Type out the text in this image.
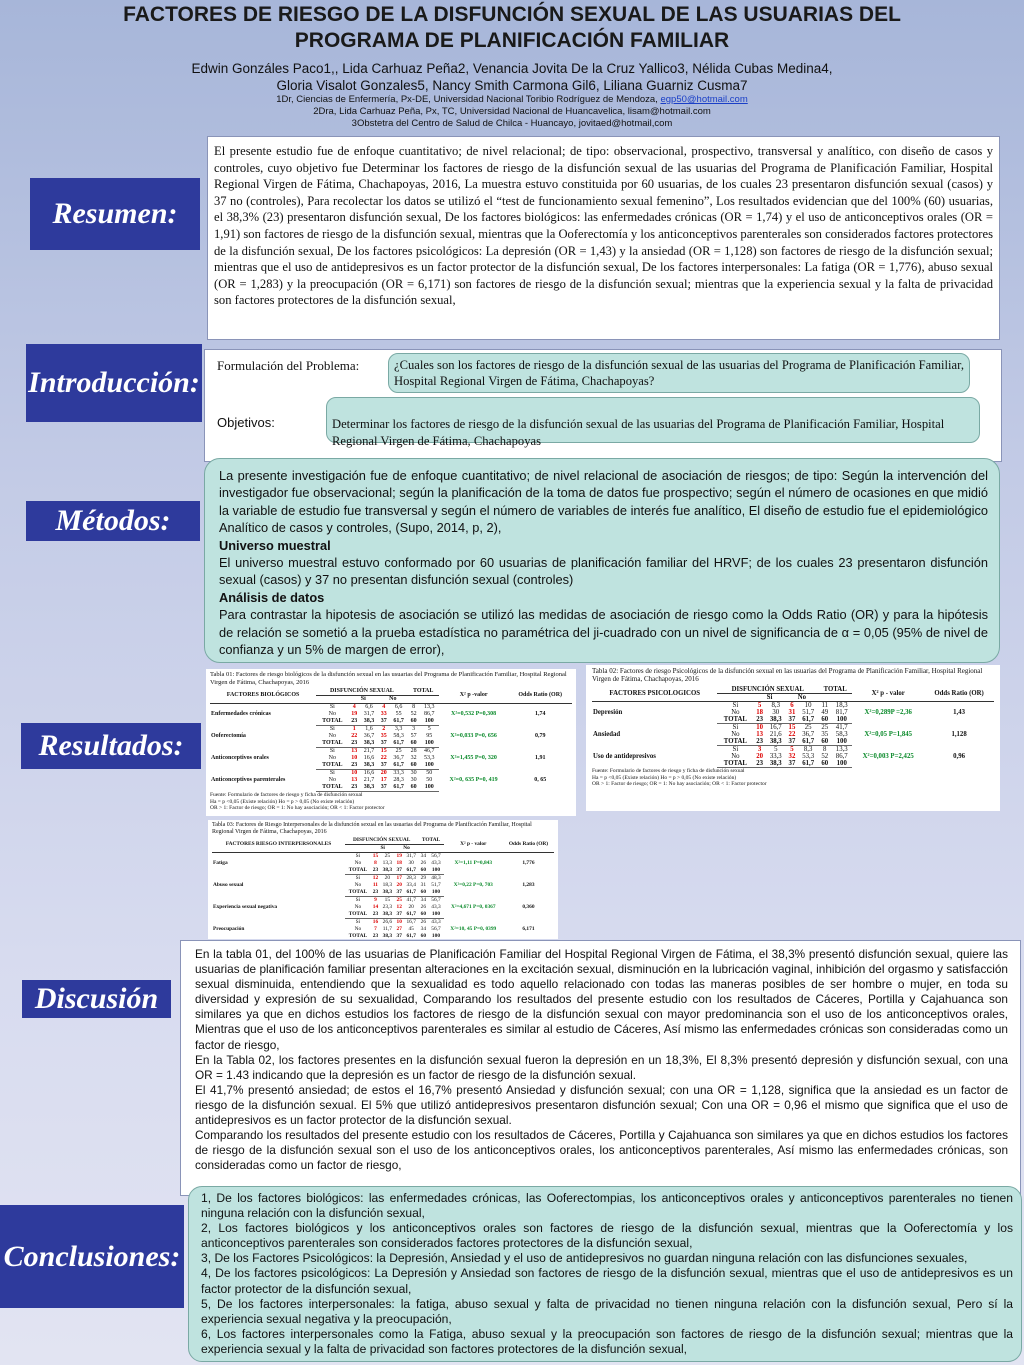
FACTORES DE RIESGO DE LA DISFUNCIÓN SEXUAL DE LAS USUARIAS DEL
PROGRAMA DE PLANIFICACIÓN FAMILIAR
Edwin Gonzáles Paco1,, Lida Carhuaz Peña2, Venancia Jovita De la Cruz Yallico3, Nélida Cubas Medina4,
Gloria Visalot Gonzales5, Nancy Smith Carmona Gil6, Liliana Guarniz Cusma7
1Dr, Ciencias de Enfermería, Px-DE, Universidad Nacional Toribio Rodríguez de Mendoza, egp50@hotmail.com
2Dra, Lida Carhuaz Peña, Px, TC, Universidad Nacional de Huancavelica, lisam@hotmail.com
3Obstetra del Centro de Salud de Chilca - Huancayo, jovitaed@hotmail,com
Resumen:

El presente estudio fue de enfoque cuantitativo; de nivel relacional; de tipo: observacional, prospectivo, transversal y analítico, con diseño de casos y controles, cuyo objetivo fue Determinar los factores de riesgo de la disfunción sexual de las usuarias del Programa de Planificación Familiar, Hospital Regional Virgen de Fátima, Chachapoyas, 2016, La muestra estuvo constituida por 60 usuarias, de los cuales 23 presentaron disfunción sexual (casos) y 37 no (controles), Para recolectar los datos se utilizó el “test de funcionamiento sexual femenino”, Los resultados evidencian que del 100% (60) usuarias, el 38,3% (23) presentaron disfunción sexual, De los factores biológicos: las enfermedades crónicas (OR = 1,74) y el uso de anticonceptivos orales (OR = 1,91) son factores de riesgo de la disfunción sexual, mientras que la Ooferectomía y los anticonceptivos parenterales son considerados factores protectores de la disfunción sexual, De los factores psicológicos: La depresión (OR = 1,43) y la ansiedad (OR = 1,128) son factores de riesgo de la disfunción sexual; mientras que el uso de antidepresivos es un factor protector de la disfunción sexual, De los factores interpersonales: La fatiga (OR = 1,776), abuso sexual (OR = 1,283) y la preocupación (OR = 6,171) son factores de riesgo de la disfunción sexual; mientras que la experiencia sexual y la falta de privacidad son factores protectores de la disfunción sexual,

Introducción:
Formulación del Problema:	¿Cuales son los factores de riesgo de la disfunción sexual de las usuarias del Programa de Planificación Familiar, Hospital Regional Virgen de Fátima, Chachapoyas?

Objetivos:	Determinar los factores de riesgo de la disfunción sexual de las usuarias del Programa de Planificación Familiar, Hospital Regional Virgen de Fátima, Chachapoyas

Métodos:

La presente investigación fue de enfoque cuantitativo; de nivel relacional de asociación de riesgos; de tipo: Según la intervención del investigador fue observacional; según la planificación de la toma de datos fue prospectivo; según el número de ocasiones en que midió la variable de estudio fue transversal y según el número de variables de interés fue analítico, El diseño de estudio fue el epidemiológico Analítico de casos y controles, (Supo, 2014, p, 2),

Universo muestral

El universo muestral estuvo conformado por 60 usuarias de planificación familiar del HRVF; de los cuales 23 presentaron disfunción sexual (casos) y 37 no presentan disfunción sexual (controles)

Análisis de datos

Para contrastar la hipotesis de asociación se utilizó las medidas de asociación de riesgo como la Odds Ratio (OR) y para la hipótesis de relación se sometió a la prueba estadística no paramétrica del ji-cuadrado con un nivel de significancia de α = 0,05 (95% de nivel de confianza y un 5% de margen de error),

Resultados:
Tabla 01: Factores de riesgo biológicos de la disfunción sexual en las usuarias del Programa de Planificación Familiar, Hospital Regional Virgen de Fátima, Chachapoyas, 2016
FACTORES BIOLÓGICOS	DISFUNCIÓN SEXUAL					TOTAL		X² p -valor	Odds Ratio (OR)
		Si		No					
Enfermedades crónicas	Si	4	6,6	4	6,6	8	13,3	X²=0,532 P=0,308	1,74
	No	19	31,7	33	55	52	86,7		
	TOTAL	23	38,3	37	61,7	60	100		
Ooferectomía	Si	1	1,6	2	3,3	3	5	X²=0,033 P=0, 656	0,79
	No	22	36,7	35	58,3	57	95		
	TOTAL	23	38,3	37	61,7	60	100		
Anticonceptivos orales	Si	13	21,7	15	25	28	46,7	X²=1,455 P=0, 320	1,91
	No	10	16,6	22	36,7	32	53,3		
	TOTAL	23	38,3	37	61,7	60	100		
Anticonceptivos parenterales	Si	10	16,6	20	33,3	30	50	X²=0, 635 P=0, 419	0, 65
	No	13	21,7	17	28,3	30	50		
	TOTAL	23	38,3	37	61,7	60	100		
Fuente: Formulario de factores de riesgo y ficha de disfunción sexual
Ha = p <0,05 (Existe relación) Ho = p > 0,05 (No existe relación)
OR > 1: Factor de riesgo; OR = 1: No hay asociación; OR < 1: Factor protector
Tabla 02: Factores de riesgo Psicológicos de la disfunción sexual en las usuarias del Programa de Planificación Familiar, Hospital Regional Virgen de Fátima, Chachapoyas, 2016
FACTORES PSICOLOGICOS	DISFUNCIÓN SEXUAL					TOTAL		X² p - valor	Odds Ratio (OR)
		Si		No					
Depresión	Si	5	8,3	6	10	11	18,3	X²=0,289P =2,36	1,43
	No	18	30	31	51,7	49	81,7		
	TOTAL	23	38,3	37	61,7	60	100		
Ansiedad	Si	10	16,7	15	25	25	41,7	X²=0,05 P=1,845	1,128
	No	13	21,6	22	36,7	35	58,3		
	TOTAL	23	38,3	37	61,7	60	100		
Uso de antidepresivos	Si	3	5	5	8,3	8	13,3	X²=0,003 P=2,425	0,96
	No	20	33,3	32	53,3	52	86,7		
	TOTAL	23	38,3	37	61,7	60	100		
Fuente: Formulario de factores de riesgo y ficha de disfunción sexual
Ha = p <0,05 (Existe relación) Ho = p > 0,05 (No existe relación)
OR > 1: Factor de riesgo; OR = 1: No hay asociación; OR < 1: Factor protector
Tabla 03: Factores de Riesgo Interpersonales de la disfunción sexual en las usuarias del Programa de Planificación Familiar, Hospital Regional Virgen de Fátima, Chachapoyas, 2016
FACTORES RIESGO INTERPERSONALES	DISFUNCIÓN SEXUAL					TOTAL		X² p - valor	Odds Ratio (OR)
		Si		No					
Fatiga	Si	15	25	19	31,7	34	56,7	X²=1,11 P=0,843	1,776
	No	8	13,3	18	30	26	43,3		
	TOTAL	23	38,3	37	61,7	60	100		
Abuso sexual	Si	12	20	17	28,3	29	48,3	X²=0,22 P=0, 703	1,283
	No	11	18,3	20	33,4	31	51,7		
	TOTAL	23	38,3	37	61,7	60	100		
Experiencia sexual negativa	Si	9	15	25	41,7	34	56,7	X²=4,671 P=0, 0367	0,360
	No	14	23,3	12	20	26	43,3		
	TOTAL	23	38,3	37	61,7	60	100		
Preocupación	Si	16	26,6	10	16,7	26	43,3	X²=10, 45 P=0, 0399	6,171
	No	7	11,7	27	45	34	56,7		
	TOTAL	23	38,3	37	61,7	60	100		

Discusión

En la tabla 01, del 100% de las usuarias de Planificación Familiar del Hospital Regional Virgen de Fátima, el 38,3% presentó disfunción sexual, quiere las usuarias de planificación familiar presentan alteraciones en la excitación sexual, disminución en la lubricación vaginal, inhibición del orgasmo y satisfacción sexual disminuida, entendiendo que la sexualidad es todo aquello relacionado con todas las maneras posibles de ser hombre o mujer, en toda su diversidad y expresión de su sexualidad, Comparando los resultados del presente estudio con los resultados de Cáceres, Portilla y Cajahuanca son similares ya que en dichos estudios los factores de riesgo de la disfunción sexual con mayor predominancia son el uso de los anticonceptivos orales, Mientras que el uso de los anticonceptivos parenterales es similar al estudio de Cáceres, Así mismo las enfermedades crónicas son consideradas como un factor de riesgo,

En la Tabla 02, los factores presentes en la disfunción sexual fueron la depresión en un 18,3%, El 8,3% presentó depresión y disfunción sexual, con una OR = 1.43 indicando que la depresión es un factor de riesgo de la disfunción sexual.

El 41,7% presentó ansiedad; de estos el 16,7% presentó Ansiedad y disfunción sexual; con una OR = 1,128, significa que la ansiedad es un factor de riesgo de la disfunción sexual. El 5% que utilizó antidepresivos presentaron disfunción sexual; Con una OR = 0,96 el mismo que significa que el uso de antidepresivos es un factor protector de la disfunción sexual.

Comparando los resultados del presente estudio con los resultados de Cáceres, Portilla y Cajahuanca son similares ya que en dichos estudios los factores de riesgo de la disfunción sexual son el uso de los anticonceptivos orales, los anticonceptivos parenterales, Así mismo las enfermedades crónicas, son consideradas como un factor de riesgo,

Conclusiones:
1, De los factores biológicos: las enfermedades crónicas, las Ooferectompias, los anticonceptivos orales y anticonceptivos parenterales no tienen ninguna relación con la disfunción sexual,
2, Los factores biológicos y los anticonceptivos orales son factores de riesgo de la disfunción sexual, mientras que la Ooferectomía y los anticonceptivos parenterales son considerados factores protectores de la disfunción sexual,
3, De los Factores Psicológicos: la Depresión, Ansiedad y el uso de antidepresivos no guardan ninguna relación con las disfunciones sexuales,
4, De los factores psicológicos: La Depresión y Ansiedad son factores de riesgo de la disfunción sexual, mientras que el uso de antidepresivos es un factor protector de la disfunción sexual,
5, De los factores interpersonales: la fatiga, abuso sexual y falta de privacidad no tienen ninguna relación con la disfunción sexual, Pero sí la experiencia sexual negativa y la preocupación,
6, Los factores interpersonales como la Fatiga, abuso sexual y la preocupación son factores de riesgo de la disfunción sexual; mientras que la experiencia sexual y la falta de privacidad son factores protectores de la disfunción sexual,
